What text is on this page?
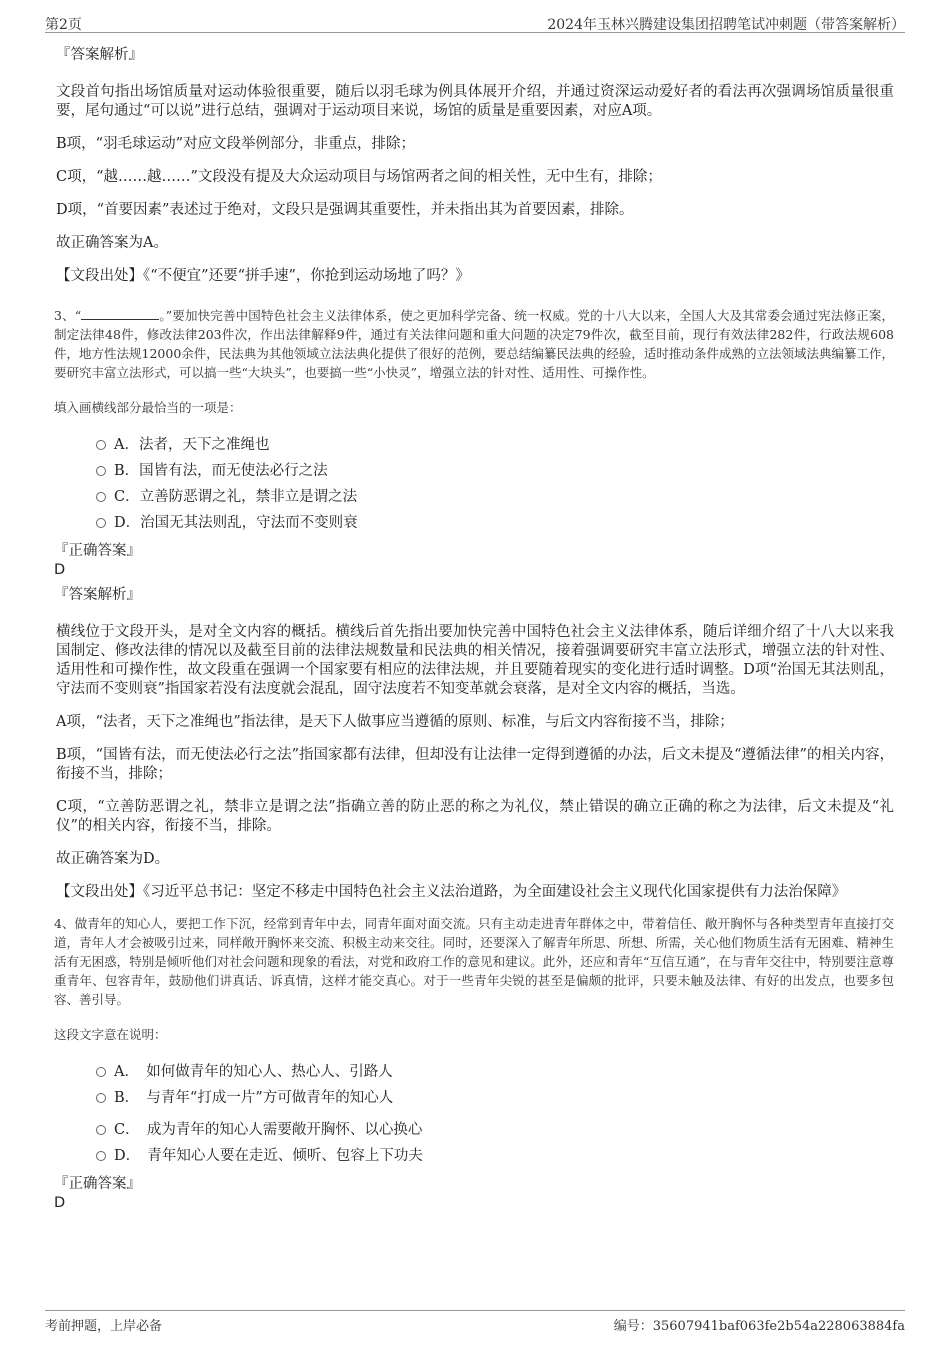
第2页	2024年玉林兴腾建设集团招聘笔试冲刺题（带答案解析）
『答案解析』

文段首句指出场馆质量对运动体验很重要，随后以羽毛球为例具体展开介绍，并通过资深运动爱好者的看法再次强调场馆质量很重要，尾句通过“可以说”进行总结，强调对于运动项目来说，场馆的质量是重要因素，对应A项。

B项，“羽毛球运动”对应文段举例部分，非重点，排除；

C项，“越……越……”文段没有提及大众运动项目与场馆两者之间的相关性，无中生有，排除；

D项，“首要因素”表述过于绝对，文段只是强调其重要性，并未指出其为首要因素，排除。

故正确答案为A。

【文段出处】《“不便宜”还要“拼手速”，你抢到运动场地了吗？》

3、“	。”要加快完善中国特色社会主义法律体系，使之更加科学完备、统一权威。党的十八大以来，全国人大及其常委会通过宪法修正案，制定法律48件，修改法律203件次，作出法律解释9件，通过有关法律问题和重大问题的决定79件次，截至目前，现行有效法律282件，行政法规608件，地方性法规12000余件，民法典为其他领域立法法典化提供了很好的范例，要总结编纂民法典的经验，适时推动条件成熟的立法领域法典编纂工作，要研究丰富立法形式，可以搞一些“大块头”，也要搞一些“小快灵”，增强立法的针对性、适用性、可操作性。
填入画横线部分最恰当的一项是：
A．法者，天下之准绳也
B．国皆有法，而无使法必行之法
C．立善防恶谓之礼，禁非立是谓之法
D．治国无其法则乱，守法而不变则衰
『正确答案』
D
『答案解析』

横线位于文段开头，是对全文内容的概括。横线后首先指出要加快完善中国特色社会主义法律体系，随后详细介绍了十八大以来我国制定、修改法律的情况以及截至目前的法律法规数量和民法典的相关情况，接着强调要研究丰富立法形式，增强立法的针对性、适用性和可操作性，故文段重在强调一个国家要有相应的法律法规，并且要随着现实的变化进行适时调整。D项“治国无其法则乱，守法而不变则衰”指国家若没有法度就会混乱，固守法度若不知变革就会衰落，是对全文内容的概括，当选。

A项，“法者，天下之准绳也”指法律，是天下人做事应当遵循的原则、标准，与后文内容衔接不当，排除；

B项，“国皆有法，而无使法必行之法”指国家都有法律，但却没有让法律一定得到遵循的办法，后文未提及“遵循法律”的相关内容，衔接不当，排除；

C项，“立善防恶谓之礼，禁非立是谓之法”指确立善的防止恶的称之为礼仪，禁止错误的确立正确的称之为法律，后文未提及“礼仪”的相关内容，衔接不当，排除。

故正确答案为D。

【文段出处】《习近平总书记：坚定不移走中国特色社会主义法治道路，为全面建设社会主义现代化国家提供有力法治保障》

4、做青年的知心人，要把工作下沉，经常到青年中去，同青年面对面交流。只有主动走进青年群体之中，带着信任、敞开胸怀与各种类型青年直接打交道，青年人才会被吸引过来，同样敞开胸怀来交流、积极主动来交往。同时，还要深入了解青年所思、所想、所需，关心他们物质生活有无困难、精神生活有无困惑，特别是倾听他们对社会问题和现象的看法，对党和政府工作的意见和建议。此外，还应和青年“互信互通”，在与青年交往中，特别要注意尊重青年、包容青年，鼓励他们讲真话、诉真情，这样才能交真心。对于一些青年尖锐的甚至是偏颇的批评，只要未触及法律、有好的出发点，也要多包容、善引导。
这段文字意在说明：
A．　如何做青年的知心人、热心人、引路人
B．　与青年“打成一片”方可做青年的知心人
C．　成为青年的知心人需要敞开胸怀、以心换心
D．　青年知心人要在走近、倾听、包容上下功夫
『正确答案』
D
考前押题，上岸必备	编号：35607941baf063fe2b54a228063884fa
